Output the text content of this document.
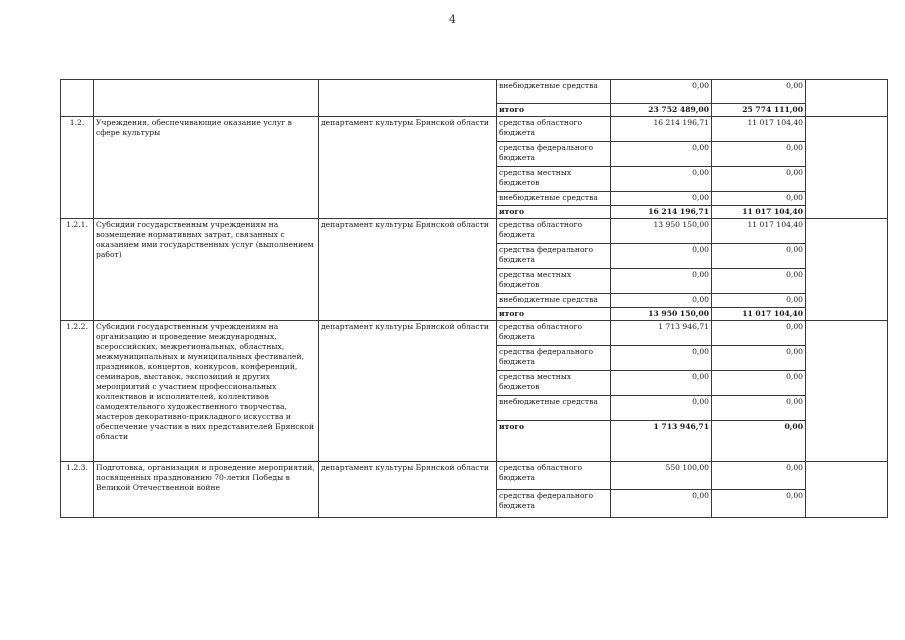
4
			внебюджетные средства	0,00	0,00	
			итого	23 752 489,00	25 774 111,00	
1.2.	Учреждения, обеспечивающие оказание услуг в сфере культуры	департамент культуры Брянской области	средства областного бюджета	16 214 196,71	11 017 104,40	
			средства федерального бюджета	0,00	0,00	
			средства местных бюджетов	0,00	0,00	
			внебюджетные средства	0,00	0,00	
			итого	16 214 196,71	11 017 104,40	
1.2.1.	Субсидии государственным учреждениям на возмещение нормативных затрат, связанных с оказанием ими государственных услуг (выполнением работ)	департамент культуры Брянской области	средства областного бюджета	13 950 150,00	11 017 104,40	
			средства федерального бюджета	0,00	0,00	
			средства местных бюджетов	0,00	0,00	
			внебюджетные средства	0,00	0,00	
			итого	13 950 150,00	11 017 104,40	
1.2.2.	Субсидии государственным учреждениям на организацию и проведение международных, всероссийских, межрегиональных, областных, межмуниципальных и муниципальных фестивалей, праздников, концертов, конкурсов, конференций, семинаров, выставок, экспозиций и других мероприятий с участием профессиональных коллективов и исполнителей, коллективов самодеятельного художественного творчества, мастеров декоративно-прикладного искусства и обеспечение участия в них представителей Брянской области	департамент культуры Брянской области	средства областного бюджета	1 713 946,71	0,00	
			средства федерального бюджета	0,00	0,00	
			средства местных бюджетов	0,00	0,00	
			внебюджетные средства	0,00	0,00	
			итого	1 713 946,71	0,00	
1.2.3.	Подготовка, организация и проведение мероприятий, посвященных празднованию 70-летия Победы в Великой Отечественной войне	департамент культуры Брянской области	средства областного бюджета	550 100,00	0,00	
			средства федерального бюджета	0,00	0,00	
